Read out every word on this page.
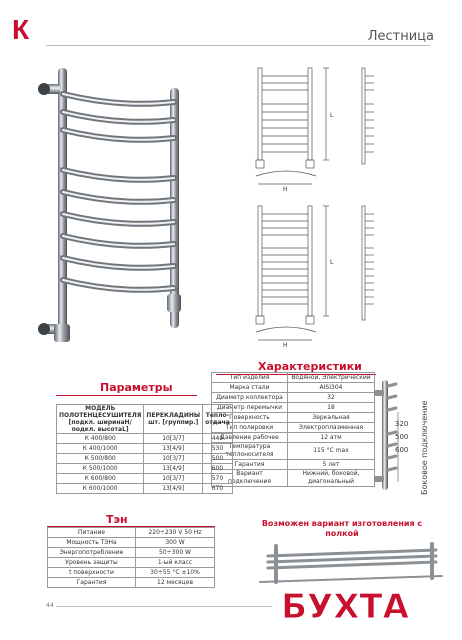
К	Лестница
L
H
L
H
Характеристики
Тип изделия	Водяной, Электрический
Марка стали	AISI304
Диаметр коллектора	32
Диаметр перемычки	18
Поверхность	Зеркальная
Тип полировки	Электроплазменная
Давление рабочее	12 атм
Температура теплоносителя	115 °С max
Гарантия	5 лет
Вариант подключения	Нижний, боковой, диагональный
Параметры
МОДЕЛЬ ПОЛОТЕНЦЕСУШИТЕЛЯ [подкл. ширинаН/ подкл. высотаL]	ПЕРЕКЛАДИНЫ шт. [группир.]	Тепло-отдача
К 400/800	10[3/7]	440
К 400/1000	13[4/9]	530
К 500/800	10[3/7]	500
К 500/1000	13[4/9]	600
К 600/800	10[3/7]	570
К 600/1000	13[4/9]	670
320
500
600 Боковое подключение
Тэн
Питание	220÷230 V 50 Hz
Мощность ТЭНа	300 W
Энергопотребление	50÷300 W
Уровень защиты	1-ый класс
t поверхности	30÷55 °С ±10%
Гарантия	12 месяцев
Возможен вариант изготовления с полкой
БУХТА
44
